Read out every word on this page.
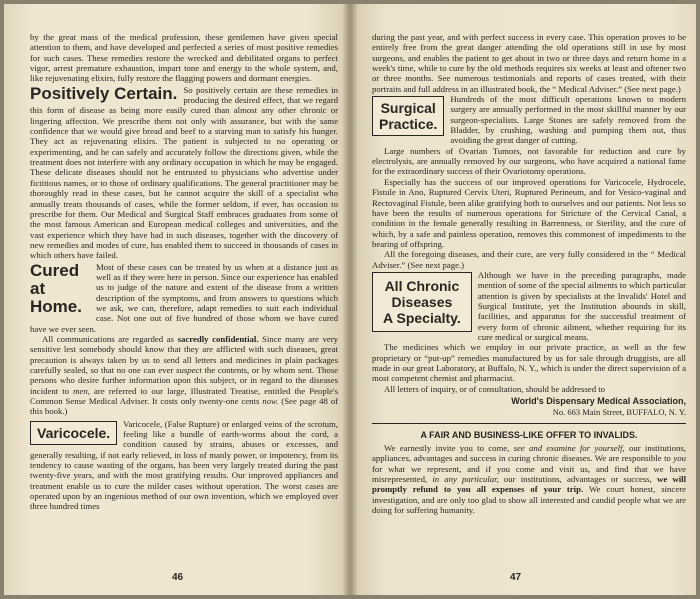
by the great mass of the medical profession, these gentlemen have given special attention to them, and have developed and perfected a series of most positive remedies for such cases. These remedies restore the wrecked and debilitated organs to perfect vigor, arrest premature exhaustion, impart tone and energy to the whole system, and, like rejuvenating elixirs, fully restore the flagging powers and dormant energies.

Positively Certain. So positively certain are these remedies in producing the desired effect, that we regard this form of disease as being more easily cured than almost any other chronic or lingering affection. We prescribe them not only with assurance, but with the same confidence that we would give bread and beef to a starving man to satisfy his hunger. They act as rejuvenating elixirs. The patient is subjected to no operating or experimenting, and he can safely and accurately follow the directions given, while the treatment does not interfere with any ordinary occupation in which he may be engaged. These delicate diseases should not be entrusted to physicians who advertise under fictitious names, or to those of ordinary qualifications. The general practitioner may be thoroughly read in these cases, but he cannot acquire the skill of a specialist who annually treats thousands of cases, while the former seldom, if ever, has occasion to prescribe for them. Our Medical and Surgical Staff embraces graduates from some of the most famous American and European medical colleges and universities, and the vast experience which they have had in such diseases, together with the discovery of new remedies and modes of cure, has enabled them to succeed in thousands of cases in which others have failed.

Cured at Home.
Most of these cases can be treated by us when at a distance just as well as if they were here in person. Since our experience has enabled us to judge of the nature and extent of the disease from a written description of the symptoms, and from answers to questions which we ask, we can, therefore, adapt remedies to suit each individual case. Not one out of five hundred of those whom we have cured have we ever seen.

All communications are regarded as sacredly confidential. Since many are very sensitive lest somebody should know that they are afflicted with such diseases, great precaution is always taken by us to send all letters and medicines in plain packages carefully sealed, so that no one can ever suspect the contents, or by whom sent. Those persons who desire further information upon this subject, or in regard to the diseases incident to men, are referred to our large, Illustrated Treatise, entitled the People's Common Sense Medical Adviser. It costs only twenty-one cents now. (See page 48 of this book.)

Varicocele.
Varicocele, (False Rupture) or enlarged veins of the scrotum, feeling like a bundle of earth-worms about the cord, a condition caused by strains, abuses or excesses, and generally resulting, if not early relieved, in loss of manly power, or impotency, from its tendency to cause wasting of the organs, has been very largely treated during the past twenty-five years, and with the most gratifying results. Our improved appliances and treatment enable us to cure the milder cases without operation. The worst cases are operated upon by an ingenious method of our own invention, which we employed over three hundred times

46

during the past year, and with perfect success in every case. This operation proves to be entirely free from the great danger attending the old operations still in use by most surgeons, and enables the patient to get about in two or three days and return home in a week's time, while to cure by the old methods requires six weeks at least and oftener two or three months. See numerous testimonials and reports of cases treated, with their portraits and full address in an illustrated book, the “ Medical Adviser.” (See next page.)

Surgical
Practice.
Hundreds of the most difficult operations known to modern surgery are annually performed in the most skillful manner by our surgeon-specialists. Large Stones are safely removed from the Bladder, by crushing, washing and pumping them out, thus avoiding the great danger of cutting.

Large numbers of Ovarian Tumors, not favorable for reduction and cure by electrolysis, are annually removed by our surgeons, who have acquired a national fame for the extraordinary success of their Ovariotomy operations.

Especially has the success of our improved operations for Varicocele, Hydrocele, Fistule in Ano, Ruptured Cervix Uteri, Ruptured Perineum, and for Vesico-vaginal and Rectovaginal Fistule, been alike gratifying both to ourselves and our patients. Not less so have been the results of numerous operations for Stricture of the Cervical Canal, a condition in the female generally resulting in Barrenness, or Sterility, and the cure of which, by a safe and painless operation, removes this commonest of impediments to the bearing of offspring.

All the foregoing diseases, and their cure, are very fully considered in the “ Medical Adviser.” (See next page.)

All Chronic
Diseases
A Specialty.
Although we have in the preceding paragraphs, made mention of some of the special ailments to which particular attention is given by specialists at the Invalids' Hotel and Surgical Institute, yet the Institution abounds in skill, facilities, and apparatus for the successful treatment of every form of chronic ailment, whether requiring for its cure medical or surgical means.

The medicines which we employ in our private practice, as well as the few proprietary or “put-up” remedies manufactured by us for sale through druggists, are all made in our great Laboratory, at Buffalo, N. Y., which is under the direct supervision of a most competent chemist and pharmacist.

All letters of inquiry, or of consultation, should be addressed to

World's Dispensary Medical Association,
No. 663 Main Street, BUFFALO, N. Y.
A FAIR AND BUSINESS-LIKE OFFER TO INVALIDS.

We earnestly invite you to come, see and examine for yourself, our institutions, appliances, advantages and success in curing chronic diseases. We are responsible to you for what we represent, and if you come and visit us, and find that we have misrepresented, in any particular, our institutions, advantages or success, we will promptly refund to you all expenses of your trip. We court honest, sincere investigation, and are only too glad to show all interested and candid people what we are doing for suffering humanity.

47
